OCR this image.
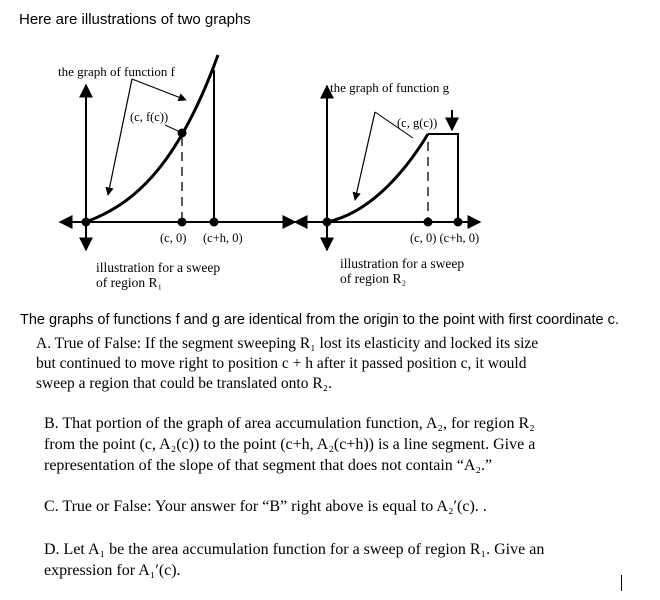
Here are illustrations of two graphs
the graph of function f
(c, f(c))
(c, 0) (c+h, 0)
illustration for a sweep
of region R₁
the graph of function g
(c, g(c))
(c, 0) (c+h, 0)
illustration for a sweep
of region R₂
The graphs of functions f and g are identical from the origin to the point with first coordinate c.
A. True of False: If the segment sweeping R₁ lost its elasticity and locked its size
but continued to move right to position c + h after it passed position c, it would
sweep a region that could be translated onto R₂.
B. That portion of the graph of area accumulation function, A₂, for region R₂
from the point (c, A₂(c)) to the point (c+h, A₂(c+h)) is a line segment. Give a
representation of the slope of that segment that does not contain “A₂.”
C. True or False: Your answer for “B” right above is equal to A₂′(c). .
D. Let A₁ be the area accumulation function for a sweep of region R₁. Give an
expression for A₁′(c).
